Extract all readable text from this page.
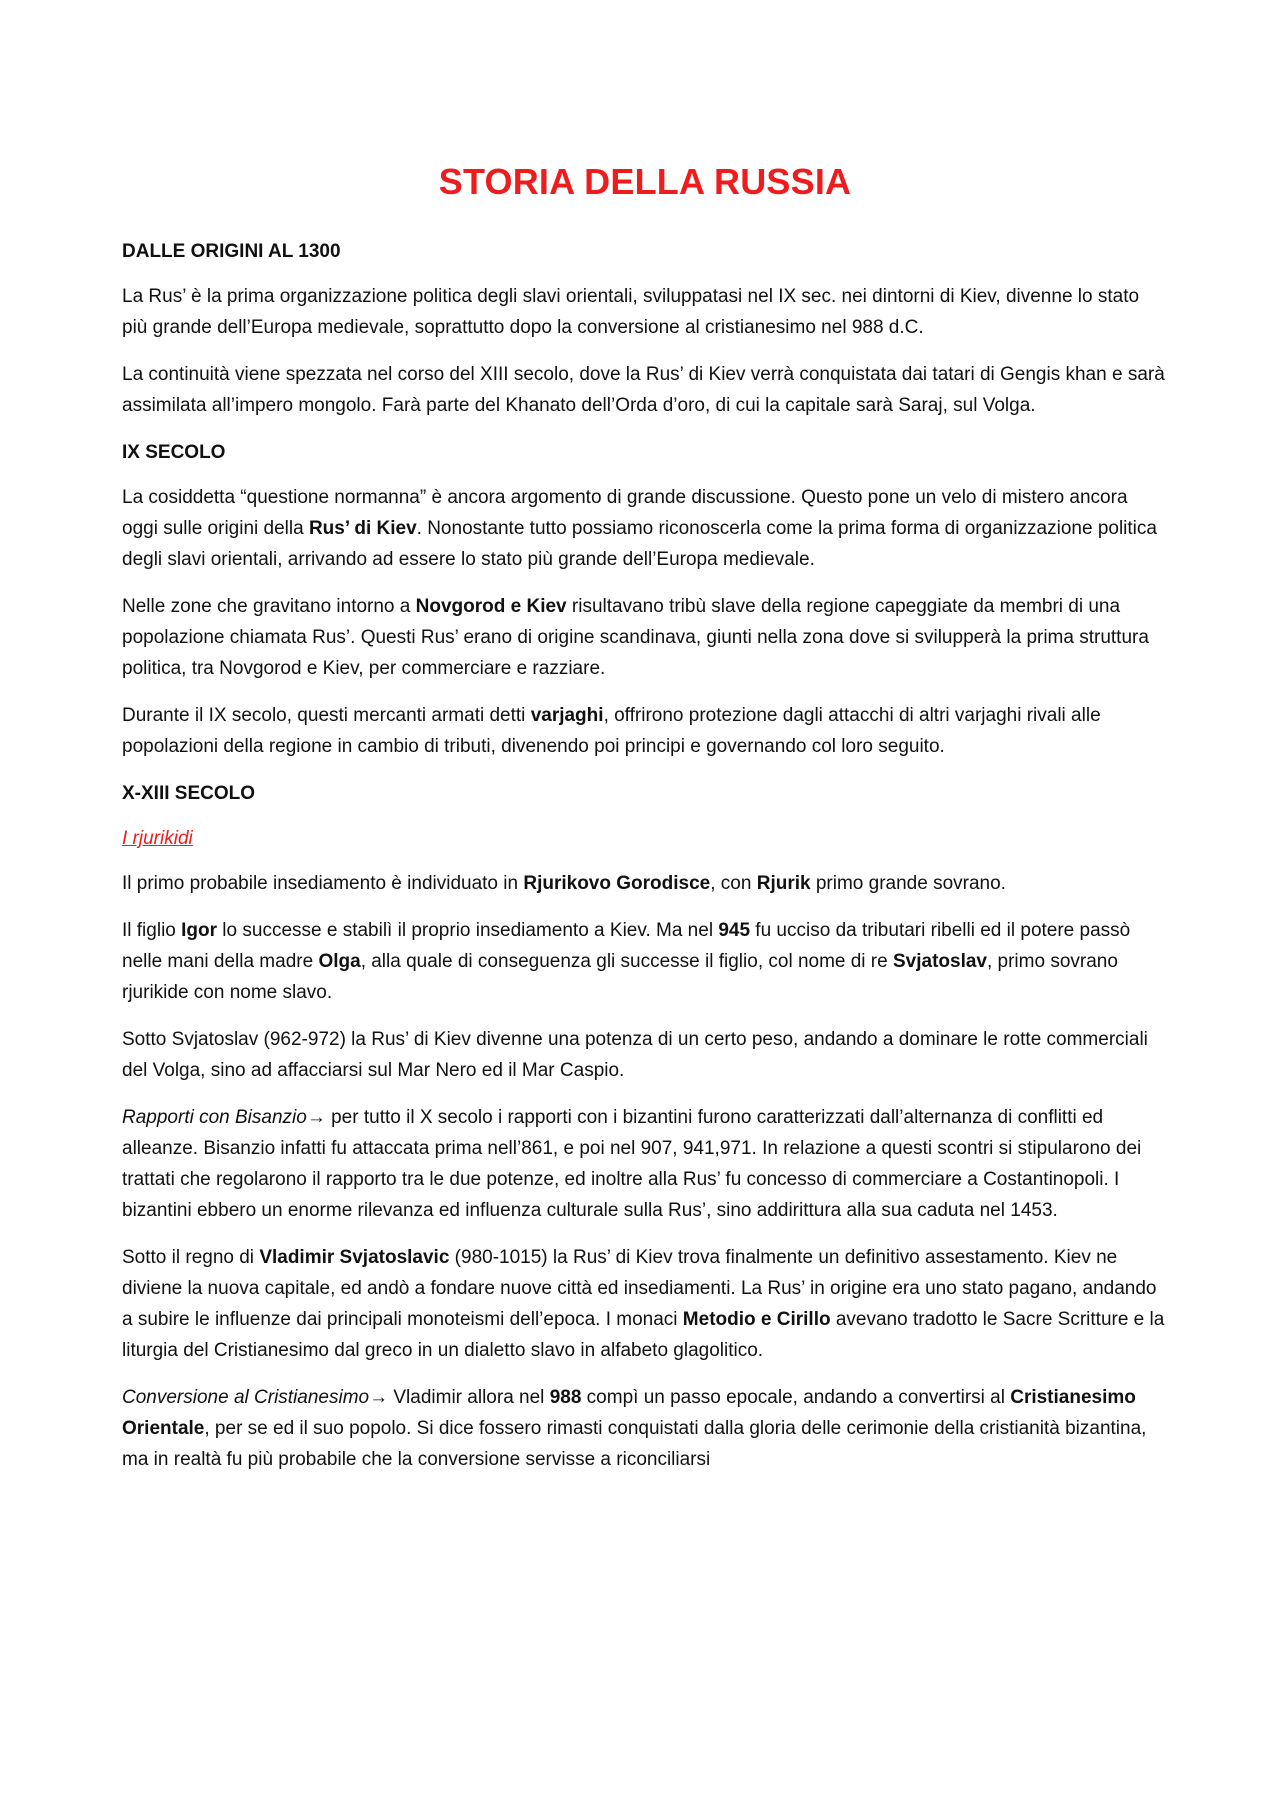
STORIA DELLA RUSSIA
DALLE ORIGINI AL 1300

La Rus’ è la prima organizzazione politica degli slavi orientali, sviluppatasi nel IX sec. nei dintorni di Kiev, divenne lo stato più grande dell’Europa medievale, soprattutto dopo la conversione al cristianesimo nel 988 d.C.

La continuità viene spezzata nel corso del XIII secolo, dove la Rus’ di Kiev verrà conquistata dai tatari di Gengis khan e sarà assimilata all’impero mongolo. Farà parte del Khanato dell’Orda d’oro, di cui la capitale sarà Saraj, sul Volga.

IX SECOLO

La cosiddetta “questione normanna” è ancora argomento di grande discussione. Questo pone un velo di mistero ancora oggi sulle origini della Rus’ di Kiev. Nonostante tutto possiamo riconoscerla come la prima forma di organizzazione politica degli slavi orientali, arrivando ad essere lo stato più grande dell’Europa medievale.

Nelle zone che gravitano intorno a Novgorod e Kiev risultavano tribù slave della regione capeggiate da membri di una popolazione chiamata Rus’. Questi Rus’ erano di origine scandinava, giunti nella zona dove si svilupperà la prima struttura politica, tra Novgorod e Kiev, per commerciare e razziare.

Durante il IX secolo, questi mercanti armati detti varjaghi, offrirono protezione dagli attacchi di altri varjaghi rivali alle popolazioni della regione in cambio di tributi, divenendo poi principi e governando col loro seguito.

X-XIII SECOLO
I rjurikidi

Il primo probabile insediamento è individuato in Rjurikovo Gorodisce, con Rjurik primo grande sovrano.

Il figlio Igor lo successe e stabilì il proprio insediamento a Kiev. Ma nel 945 fu ucciso da tributari ribelli ed il potere passò nelle mani della madre Olga, alla quale di conseguenza gli successe il figlio, col nome di re Svjatoslav, primo sovrano rjurikide con nome slavo.

Sotto Svjatoslav (962-972) la Rus’ di Kiev divenne una potenza di un certo peso, andando a dominare le rotte commerciali del Volga, sino ad affacciarsi sul Mar Nero ed il Mar Caspio.

Rapporti con Bisanzio→ per tutto il X secolo i rapporti con i bizantini furono caratterizzati dall’alternanza di conflitti ed alleanze. Bisanzio infatti fu attaccata prima nell’861, e poi nel 907, 941,971. In relazione a questi scontri si stipularono dei trattati che regolarono il rapporto tra le due potenze, ed inoltre alla Rus’ fu concesso di commerciare a Costantinopoli. I bizantini ebbero un enorme rilevanza ed influenza culturale sulla Rus’, sino addirittura alla sua caduta nel 1453.

Sotto il regno di Vladimir Svjatoslavic (980-1015) la Rus’ di Kiev trova finalmente un definitivo assestamento. Kiev ne diviene la nuova capitale, ed andò a fondare nuove città ed insediamenti. La Rus’ in origine era uno stato pagano, andando a subire le influenze dai principali monoteismi dell’epoca. I monaci Metodio e Cirillo avevano tradotto le Sacre Scritture e la liturgia del Cristianesimo dal greco in un dialetto slavo in alfabeto glagolitico.

Conversione al Cristianesimo→ Vladimir allora nel 988 compì un passo epocale, andando a convertirsi al Cristianesimo Orientale, per se ed il suo popolo. Si dice fossero rimasti conquistati dalla gloria delle cerimonie della cristianità bizantina, ma in realtà fu più probabile che la conversione servisse a riconciliarsi
